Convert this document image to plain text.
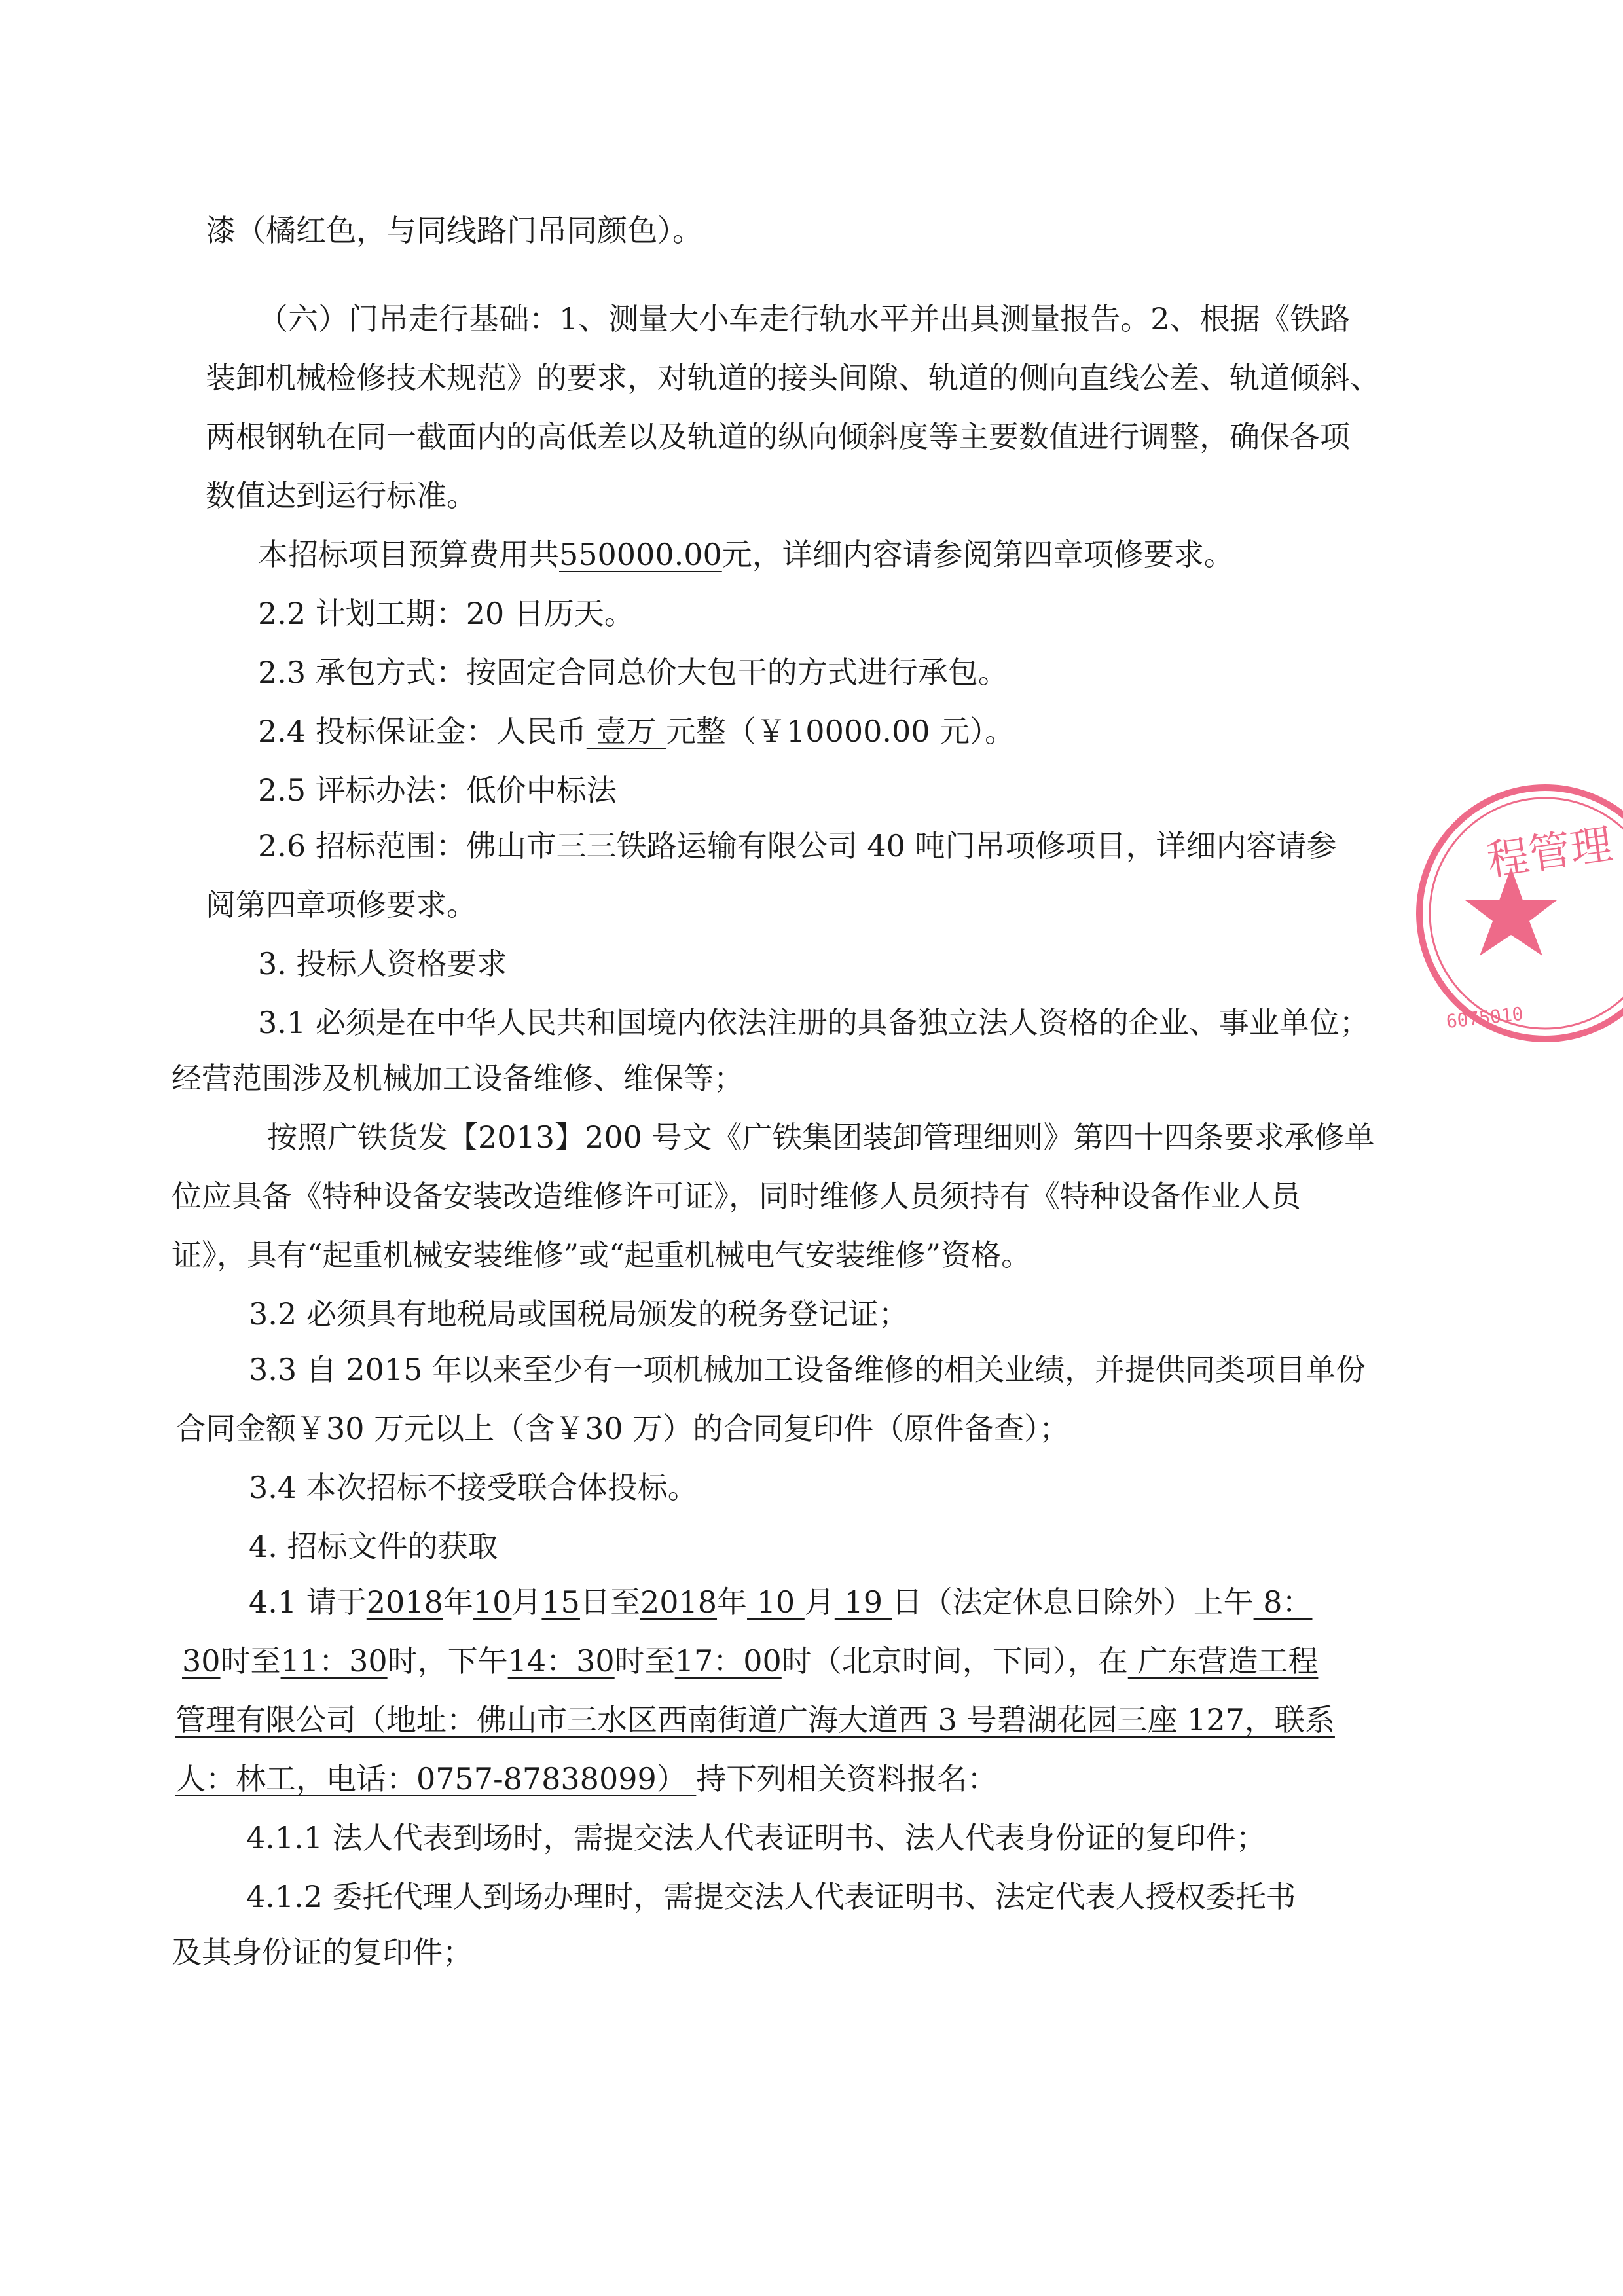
漆（橘红色，与同线路门吊同颜色）。
（六）门吊走行基础：1、测量大小车走行轨水平并出具测量报告。2、根据《铁路
装卸机械检修技术规范》的要求，对轨道的接头间隙、轨道的侧向直线公差、轨道倾斜、
两根钢轨在同一截面内的高低差以及轨道的纵向倾斜度等主要数值进行调整，确保各项
数值达到运行标准。
本招标项目预算费用共550000.00元，详细内容请参阅第四章项修要求。
2.2 计划工期：20 日历天。
2.3 承包方式：按固定合同总价大包干的方式进行承包。
2.4 投标保证金：人民币 壹万 元整（￥10000.00 元）。
2.5 评标办法：低价中标法
2.6 招标范围：佛山市三三铁路运输有限公司 40 吨门吊项修项目，详细内容请参
阅第四章项修要求。
3. 投标人资格要求
3.1 必须是在中华人民共和国境内依法注册的具备独立法人资格的企业、事业单位；
经营范围涉及机械加工设备维修、维保等；
按照广铁货发【2013】200 号文《广铁集团装卸管理细则》第四十四条要求承修单
位应具备《特种设备安装改造维修许可证》，同时维修人员须持有《特种设备作业人员
证》，具有“起重机械安装维修”或“起重机械电气安装维修”资格。
3.2 必须具有地税局或国税局颁发的税务登记证；
3.3 自 2015 年以来至少有一项机械加工设备维修的相关业绩，并提供同类项目单份
合同金额￥30 万元以上（含￥30 万）的合同复印件（原件备查）；
3.4 本次招标不接受联合体投标。
4. 招标文件的获取
4.1 请于2018年10月15日至2018年 10 月 19 日（法定休息日除外）上午 8：
30时至11：30时，下午14：30时至17：00时（北京时间，下同），在 广东营造工程
管理有限公司（地址：佛山市三水区西南街道广海大道西 3 号碧湖花园三座 127，联系
人：林工，电话：0757-87838099） 持下列相关资料报名：
4.1.1 法人代表到场时，需提交法人代表证明书、法人代表身份证的复印件；
4.1.2 委托代理人到场办理时，需提交法人代表证明书、法定代表人授权委托书
及其身份证的复印件；
程管理
6075010
